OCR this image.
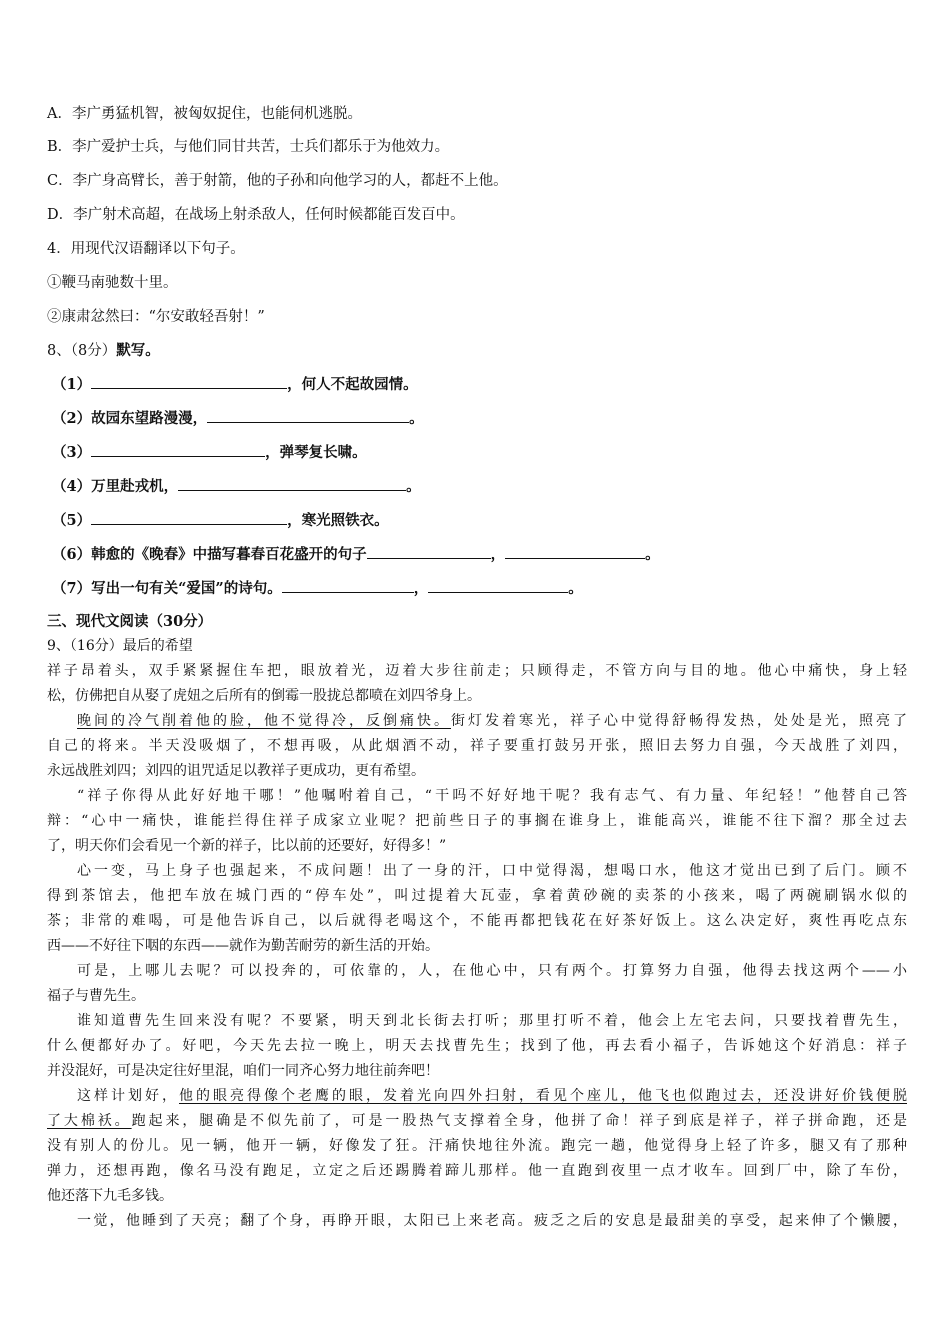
A．李广勇猛机智，被匈奴捉住，也能伺机逃脱。
B．李广爱护士兵，与他们同甘共苦，士兵们都乐于为他效力。
C．李广身高臂长，善于射箭，他的子孙和向他学习的人，都赶不上他。
D．李广射术高超，在战场上射杀敌人，任何时候都能百发百中。
4．用现代汉语翻译以下句子。
①鞭马南驰数十里。
②康肃忿然曰：“尔安敢轻吾射！”
8、（8分）默写。
（1）	，何人不起故园情。
（2）故园东望路漫漫，	。
（3）	，弹琴复长啸。
（4）万里赴戎机，	。
（5）	，寒光照铁衣。
（6）韩愈的《晚春》中描写暮春百花盛开的句子	，	。
（7）写出一句有关“爱国”的诗句。	，	。
三、现代文阅读（30分）
9、（16分）最后的希望
祥子昂着头，双手紧紧握住车把，眼放着光，迈着大步往前走；只顾得走，不管方向与目的地。他心中痛快，身上轻
松，仿佛把自从娶了虎妞之后所有的倒霉一股拢总都喷在刘四爷身上。
晚间的冷气削着他的脸，他不觉得冷，反倒痛快。街灯发着寒光，祥子心中觉得舒畅得发热，处处是光，照亮了
自己的将来。半天没吸烟了，不想再吸，从此烟酒不动，祥子要重打鼓另开张，照旧去努力自强，今天战胜了刘四，
永远战胜刘四；刘四的诅咒适足以教祥子更成功，更有希望。
“祥子你得从此好好地干哪！”他嘱咐着自己，“干吗不好好地干呢？我有志气、有力量、年纪轻！”他替自己答
辩：“心中一痛快，谁能拦得住祥子成家立业呢？把前些日子的事搁在谁身上，谁能高兴，谁能不往下溜？那全过去
了，明天你们会看见一个新的祥子，比以前的还要好，好得多！”
心一变，马上身子也强起来，不成问题！出了一身的汗，口中觉得渴，想喝口水，他这才觉出已到了后门。顾不
得到茶馆去，他把车放在城门西的“停车处”，叫过提着大瓦壶，拿着黄砂碗的卖茶的小孩来，喝了两碗刷锅水似的
茶；非常的难喝，可是他告诉自己，以后就得老喝这个，不能再都把钱花在好茶好饭上。这么决定好，爽性再吃点东
西——不好往下咽的东西——就作为勤苦耐劳的新生活的开始。
可是，上哪儿去呢？可以投奔的，可依靠的，人，在他心中，只有两个。打算努力自强，他得去找这两个——小
福子与曹先生。
谁知道曹先生回来没有呢？不要紧，明天到北长街去打听；那里打听不着，他会上左宅去问，只要找着曹先生，
什么便都好办了。好吧，今天先去拉一晚上，明天去找曹先生；找到了他，再去看小福子，告诉她这个好消息：祥子
并没混好，可是决定往好里混，咱们一同齐心努力地往前奔吧！
这样计划好，他的眼亮得像个老鹰的眼，发着光向四外扫射，看见个座儿，他飞也似跑过去，还没讲好价钱便脱
了大棉袄。跑起来，腿确是不似先前了，可是一股热气支撑着全身，他拼了命！祥子到底是祥子，祥子拼命跑，还是
没有别人的份儿。见一辆，他开一辆，好像发了狂。汗痛快地往外流。跑完一趟，他觉得身上轻了许多，腿又有了那种
弹力，还想再跑，像名马没有跑足，立定之后还踢腾着蹄儿那样。他一直跑到夜里一点才收车。回到厂中，除了车份，
他还落下九毛多钱。
一觉，他睡到了天亮；翻了个身，再睁开眼，太阳已上来老高。疲乏之后的安息是最甜美的享受，起来伸了个懒腰，
